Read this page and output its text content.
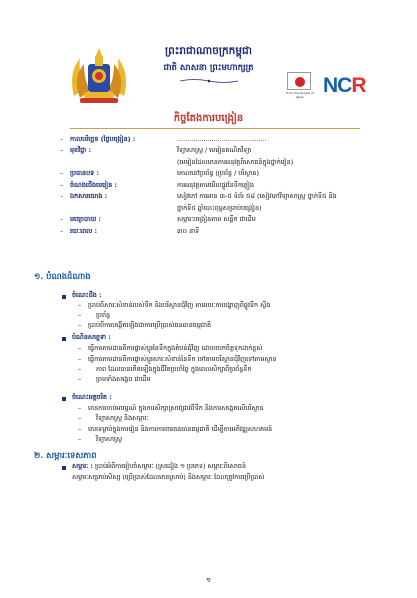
ព្រះរាជាណាចក្រកម្ពុជា
ជាតិ សាសនា ព្រះមហាក្សត្រ
From the People of Japan NCR
កិច្ចតែងការបង្រៀន
– កាលបរិច្ឆេទ (ថ្ងៃបង្រៀន) :	............................................
– មុខវិជ្ជា :	វិទ្យាសាស្ត្រ / មេរៀនគណិតវិទ្យា
(មេរៀនដែលមានការអនុវត្តពិសោធន៍ក្នុងថ្នាក់រៀន)
– ប្រធានបទ :	គោលនៅប្រព័ន្ធ (ប្រព័ន្ធ / បរិស្ថាន)
– ចំណងជើងមេរៀន :	ការអនុវត្តតាមមើលផ្លូវនៃទឹកភ្លៀង
– ឯកសារយោង :	សៀវភៅ ការអាន ៣-៥ ទំព័រ ៥៨ (សៀវភៅវិទ្យាសាស្ត្រ ថ្នាក់ទី៥ និង
ថ្នាក់ទី៥ ឆ្នាំបោះពុម្ពសម្រាប់បង្រៀន)
– មធ្យោបាយ :	សម្ភារៈបង្រៀនតាម សន្លឹក ជាដើម
– រយៈពេល :	៣០ នាទី
១. បំណងដំណាង
ចំណេះដឹង :
– ប្រាប់ពីសារៈសំខាន់របស់ទឹក និងបរិស្ថានជុំវិញ តាមរយៈការបង្ហាញពីផ្លូវទឹក ស្ទឹង
– ប្រព័ន្ធ
– ប្រាប់ពីការបង្កើតឡើងជាការប្រើប្រាស់ធនធានធម្មជាតិ
បំណិនសម្បទា :
– ធ្វើការតាមដានពីការផ្លាស់ប្ដូរនៃទឹកក្នុងតំបន់ជុំវិញ ដោយយកចិត្តទុកដាក់ខ្ពស់
– ធ្វើការតាមដានពីការផ្លាស់ប្ដូរសារៈសំខាន់នៃទឹក ទៅតាមបរិស្ថានជុំវិញទៅតាមស្ថាន
– ភាព ដែលបានកើតឡើងក្នុងជីវិតប្រចាំថ្ងៃ ក្នុងពេលសិក្សាពីប្រព័ន្ធទឹក
– ព្រមទាំងសង្ខេប ជាដើម
ចំណេះអត្តចរិត :
– មានការចាប់អារម្មណ៍ ក្នុងការសិក្សាស្រាវជ្រាវពីទឹក និងការសង្កេតលើបរិស្ថាន
– វិទ្យាសាស្ត្រ និងសម្ភារៈ
– មានទម្លាប់ក្នុងការរៀន និងការការពារធនធានធម្មជាតិ ដើម្បីការអភិវឌ្ឍសហគមន៍
– វិទ្យាសាស្ត្រ
២. សម្ភារៈទេសភាព
សម្ភារៈ : ប្រាប់អំពីការរៀបចំសម្ភារៈ (ស្រដៀង ១ ប្រភេទ) សម្ភារៈពិសោធន៍
សម្ភារៈសម្រាប់សិស្ស (ប្រើប្រាស់ដែលមានស្រាប់) និងសម្ភារៈ ដែលត្រូវការប្រើប្រាស់
១
